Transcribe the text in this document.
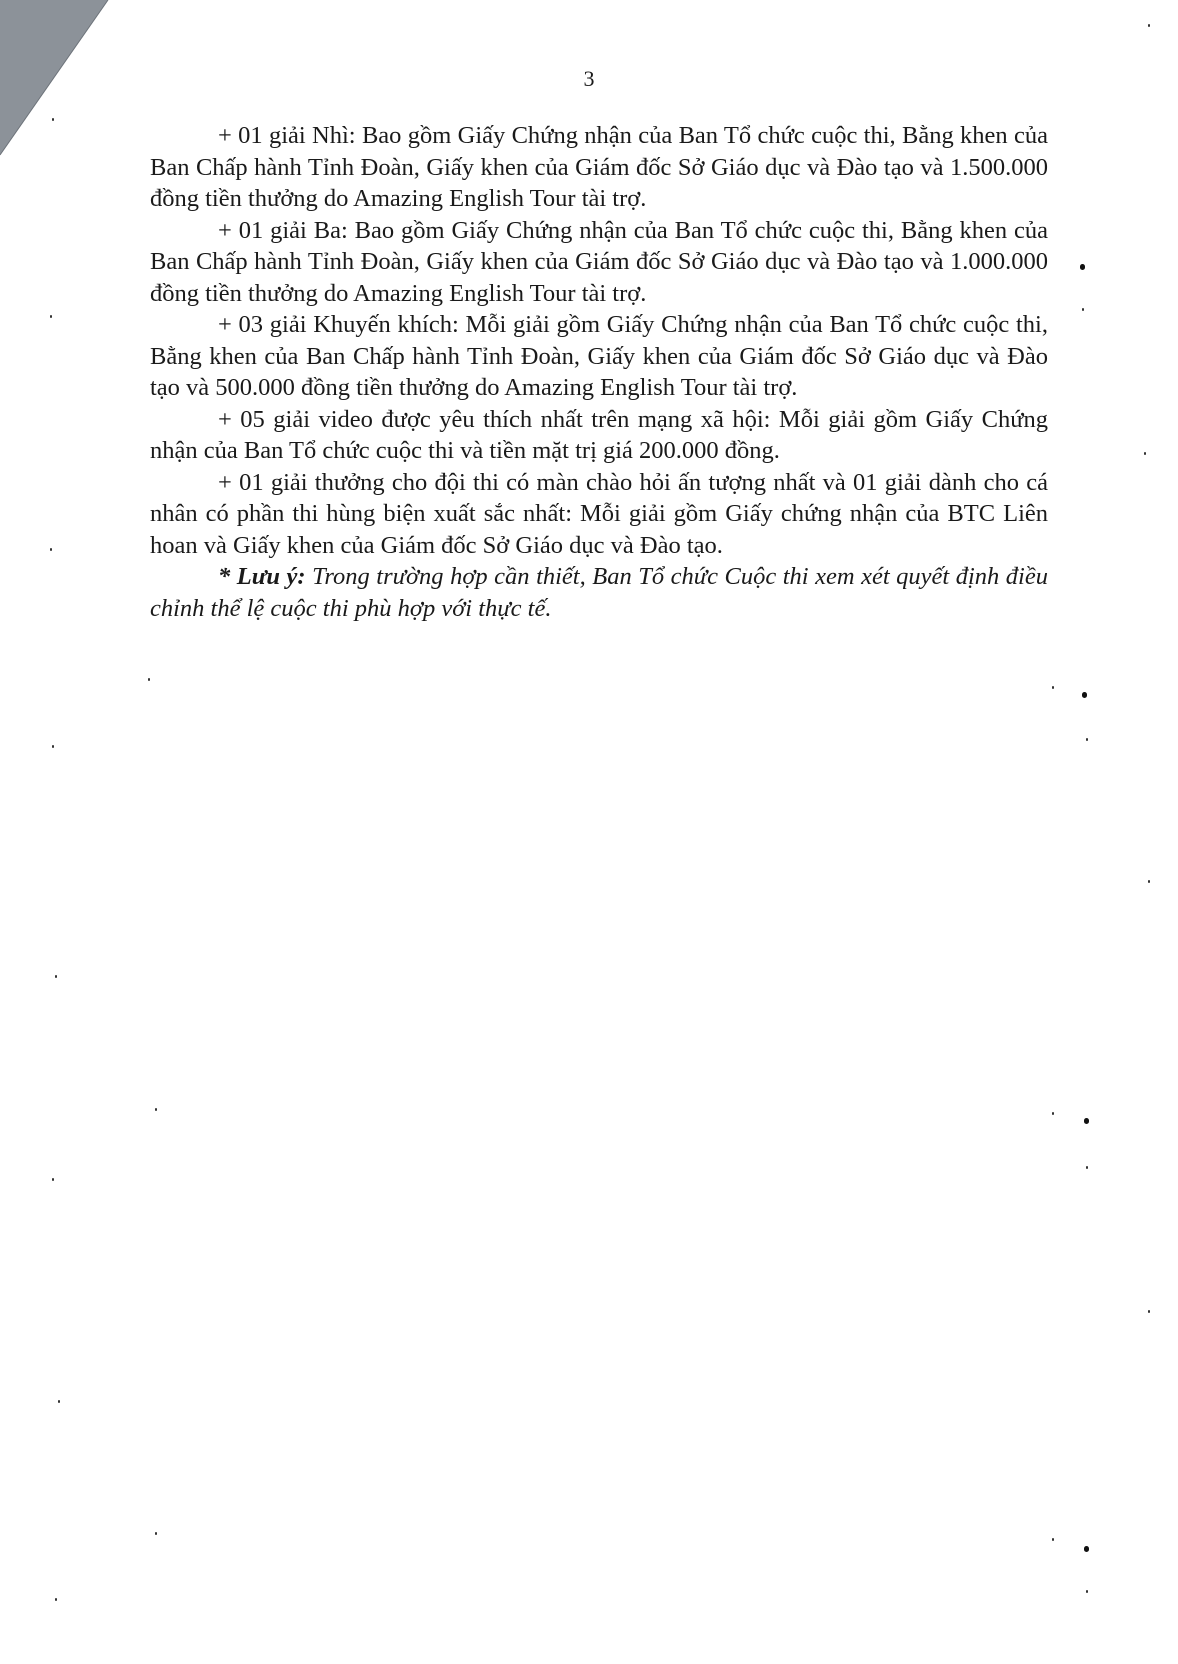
3

+ 01 giải Nhì: Bao gồm Giấy Chứng nhận của Ban Tổ chức cuộc thi, Bằng khen của Ban Chấp hành Tỉnh Đoàn, Giấy khen của Giám đốc Sở Giáo dục và Đào tạo và 1.500.000 đồng tiền thưởng do Amazing English Tour tài trợ.

+ 01 giải Ba: Bao gồm Giấy Chứng nhận của Ban Tổ chức cuộc thi, Bằng khen của Ban Chấp hành Tỉnh Đoàn, Giấy khen của Giám đốc Sở Giáo dục và Đào tạo và 1.000.000 đồng tiền thưởng do Amazing English Tour tài trợ.

+ 03 giải Khuyến khích: Mỗi giải gồm Giấy Chứng nhận của Ban Tổ chức cuộc thi, Bằng khen của Ban Chấp hành Tỉnh Đoàn, Giấy khen của Giám đốc Sở Giáo dục và Đào tạo và 500.000 đồng tiền thưởng do Amazing English Tour tài trợ.

+ 05 giải video được yêu thích nhất trên mạng xã hội: Mỗi giải gồm Giấy Chứng nhận của Ban Tổ chức cuộc thi và tiền mặt trị giá 200.000 đồng.

+ 01 giải thưởng cho đội thi có màn chào hỏi ấn tượng nhất và 01 giải dành cho cá nhân có phần thi hùng biện xuất sắc nhất: Mỗi giải gồm Giấy chứng nhận của BTC Liên hoan và Giấy khen của Giám đốc Sở Giáo dục và Đào tạo.

* Lưu ý: Trong trường hợp cần thiết, Ban Tổ chức Cuộc thi xem xét quyết định điều chỉnh thể lệ cuộc thi phù hợp với thực tế.
